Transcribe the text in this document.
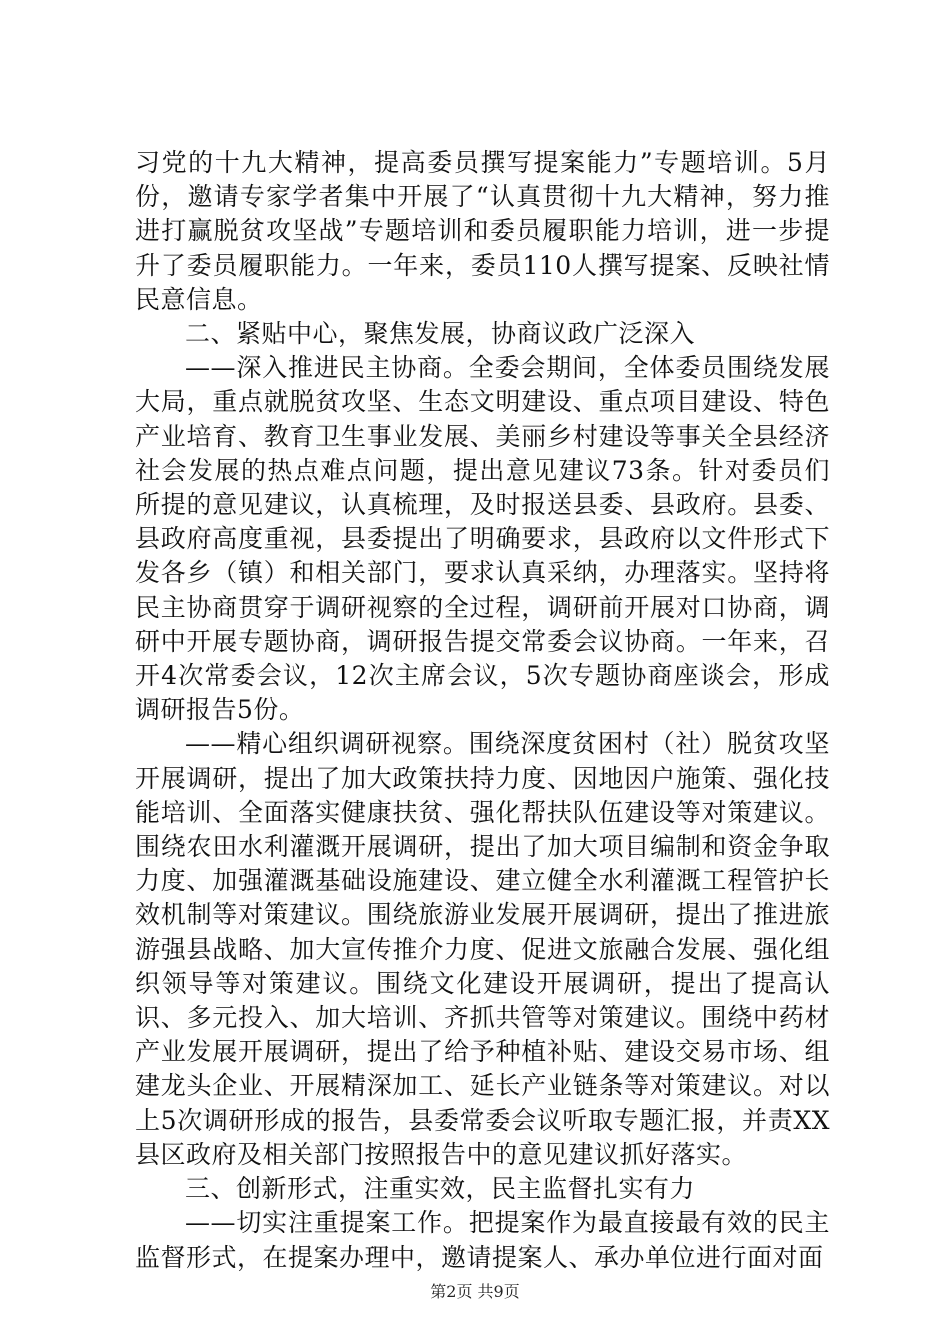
习党的十九大精神，提高委员撰写提案能力”专题培训。5月份，邀请专家学者集中开展了“认真贯彻十九大精神，努力推进打赢脱贫攻坚战”专题培训和委员履职能力培训，进一步提升了委员履职能力。一年来，委员110人撰写提案、反映社情民意信息。

二、紧贴中心，聚焦发展，协商议政广泛深入

——深入推进民主协商。全委会期间，全体委员围绕发展大局，重点就脱贫攻坚、生态文明建设、重点项目建设、特色产业培育、教育卫生事业发展、美丽乡村建设等事关全县经济社会发展的热点难点问题，提出意见建议73条。针对委员们所提的意见建议，认真梳理，及时报送县委、县政府。县委、县政府高度重视，县委提出了明确要求，县政府以文件形式下发各乡（镇）和相关部门，要求认真采纳，办理落实。坚持将民主协商贯穿于调研视察的全过程，调研前开展对口协商，调研中开展专题协商，调研报告提交常委会议协商。一年来，召开4次常委会议，12次主席会议，5次专题协商座谈会，形成调研报告5份。

——精心组织调研视察。围绕深度贫困村（社）脱贫攻坚开展调研，提出了加大政策扶持力度、因地因户施策、强化技能培训、全面落实健康扶贫、强化帮扶队伍建设等对策建议。围绕农田水利灌溉开展调研，提出了加大项目编制和资金争取力度、加强灌溉基础设施建设、建立健全水利灌溉工程管护长效机制等对策建议。围绕旅游业发展开展调研，提出了推进旅游强县战略、加大宣传推介力度、促进文旅融合发展、强化组织领导等对策建议。围绕文化建设开展调研，提出了提高认识、多元投入、加大培训、齐抓共管等对策建议。围绕中药材产业发展开展调研，提出了给予种植补贴、建设交易市场、组建龙头企业、开展精深加工、延长产业链条等对策建议。对以上5次调研形成的报告，县委常委会议听取专题汇报，并责XX县区政府及相关部门按照报告中的意见建议抓好落实。

三、创新形式，注重实效，民主监督扎实有力

——切实注重提案工作。把提案作为最直接最有效的民主监督形式，在提案办理中，邀请提案人、承办单位进行面对面

第2页 共9页
